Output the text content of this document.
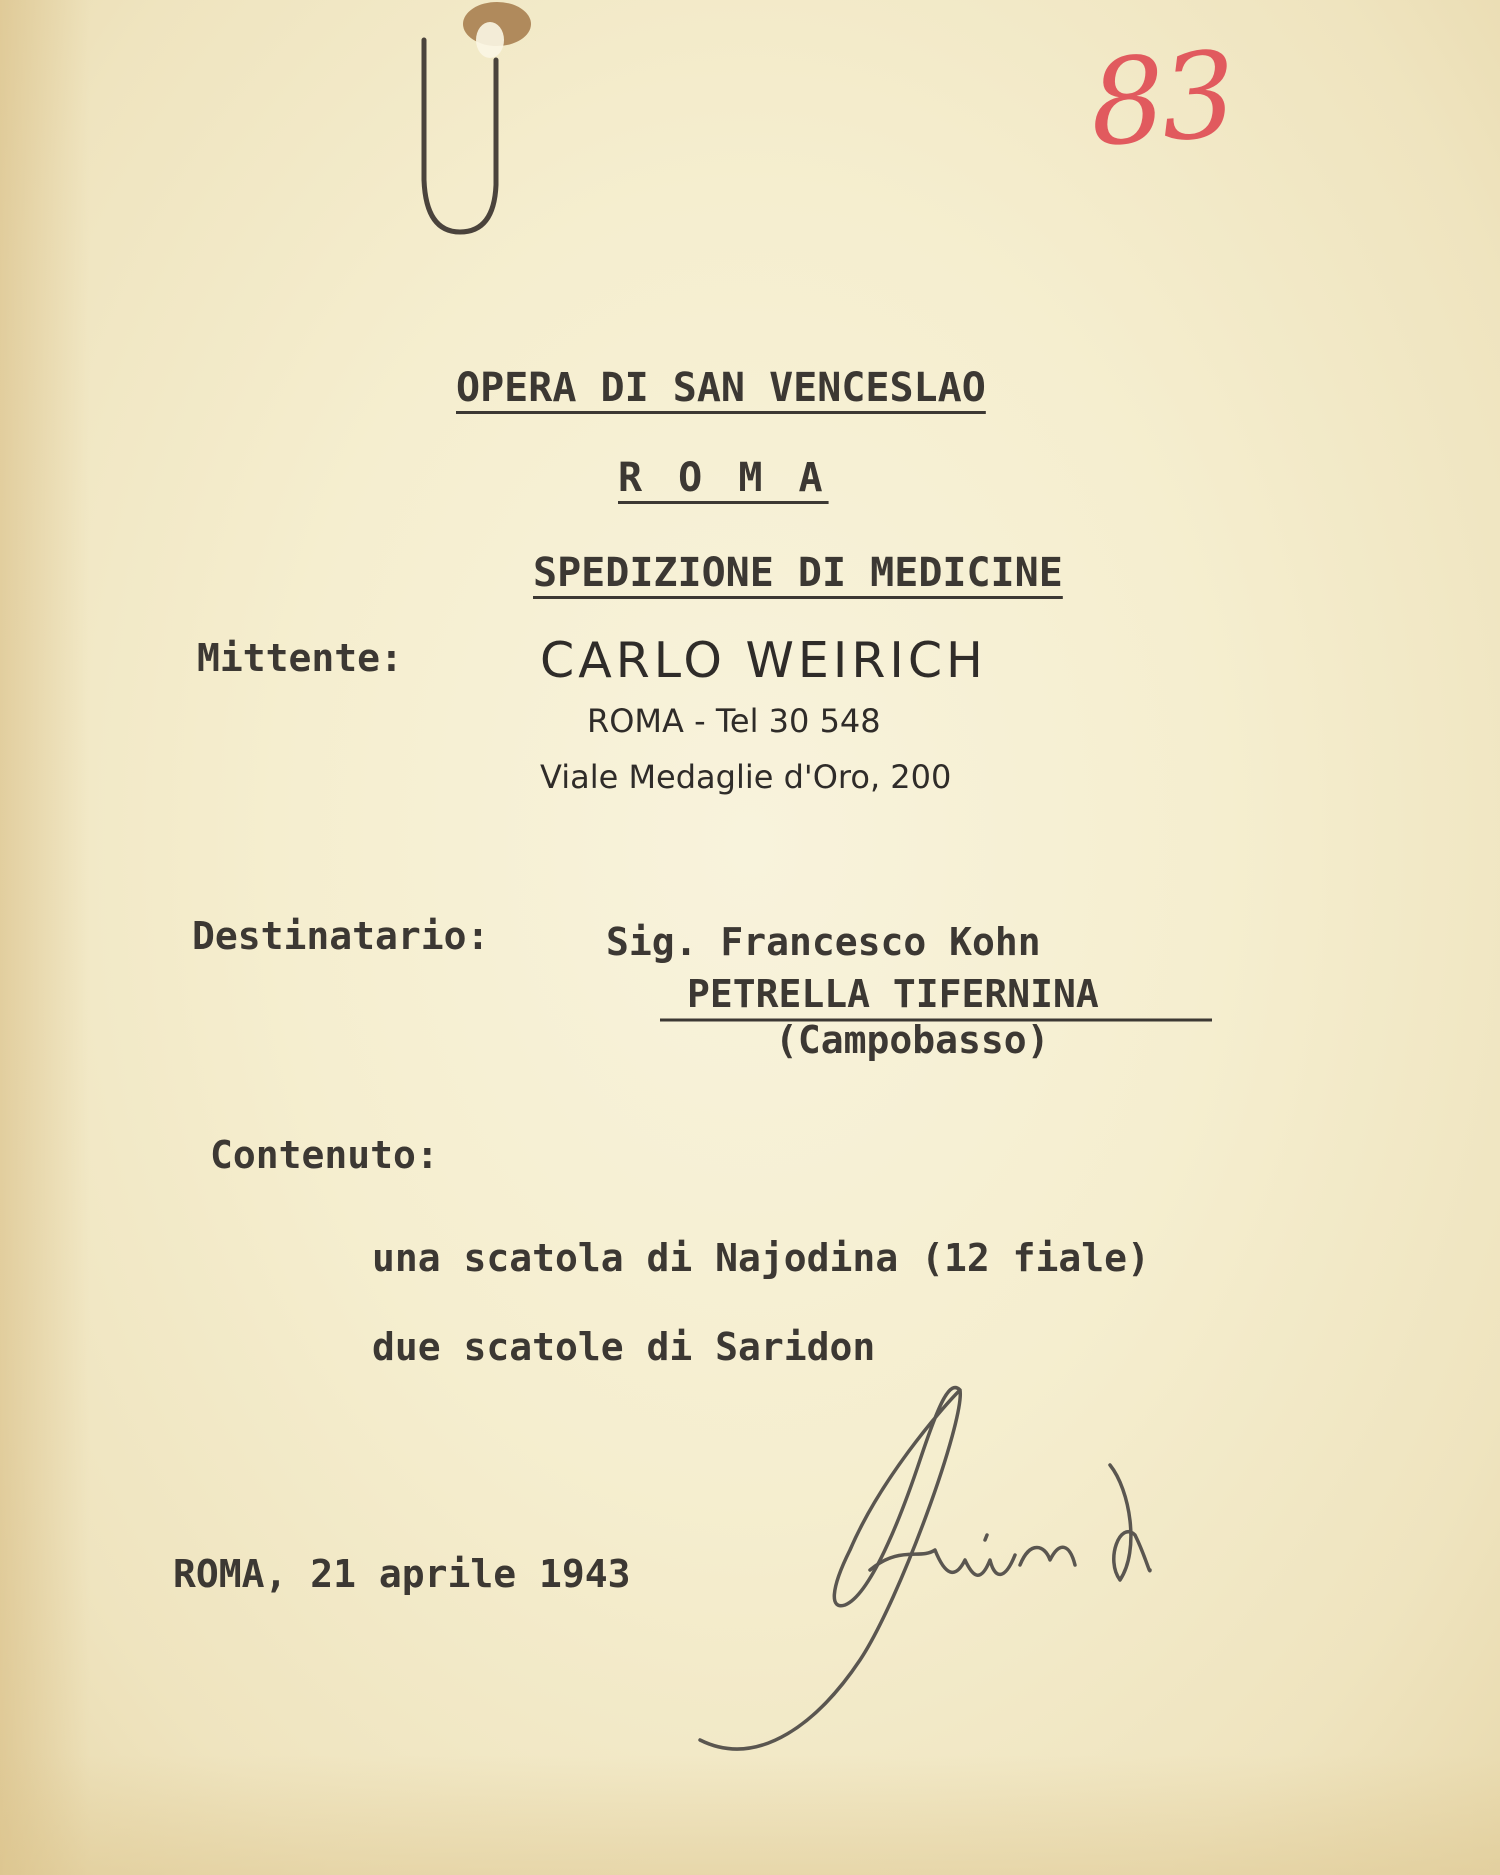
83
OPERA DI SAN VENCESLAO
R O M A
SPEDIZIONE DI MEDICINE
Mittente:	CARLO WEIRICH
ROMA - Tel 30 548
Viale Medaglie d'Oro, 200
Destinatario:	Sig. Francesco Kohn
PETRELLA TIFERNINA
(Campobasso)
Contenuto:
una scatola di Najodina (12 fiale)
due scatole di Saridon
ROMA, 21 aprile 1943
